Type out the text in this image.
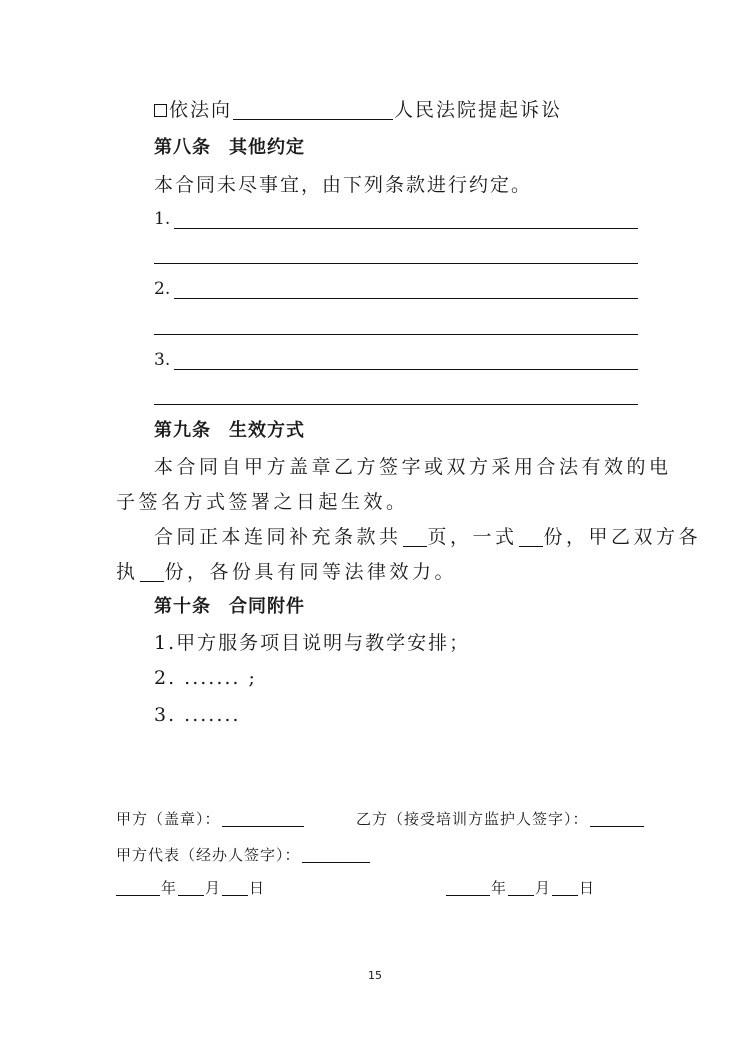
依法向	人民法院提起诉讼
第八条 其他约定
本合同未尽事宜，由下列条款进行约定。
1.
2.
3.
第九条 生效方式
本合同自甲方盖章乙方签字或双方采用合法有效的电
子签名方式签署之日起生效。
合同正本连同补充条款共 页，一式 份，甲乙双方各
执 份，各份具有同等法律效力。
第十条 合同附件
1.甲方服务项目说明与教学安排；
2. ....... ;
3. .......
甲方（盖章）：	乙方（接受培训方监护人签字）：
甲方代表（经办人签字）：
年 月 日	年 月 日
15
